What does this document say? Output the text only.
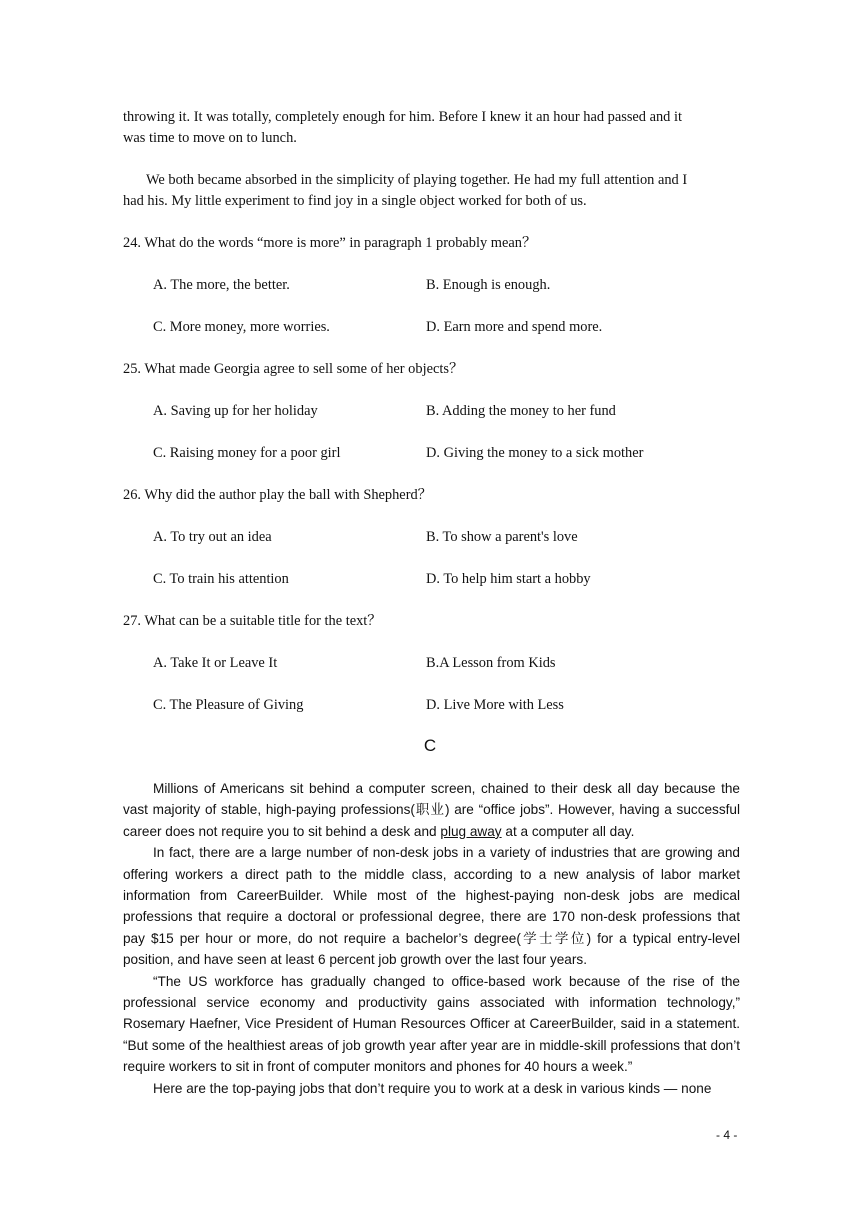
throwing it. It was totally, completely enough for him. Before I knew it an hour had passed and it
was time to move on to lunch.
We both became absorbed in the simplicity of playing together. He had my full attention and I
had his. My little experiment to find joy in a single object worked for both of us.
24. What do the words “more is more” in paragraph 1 probably mean？
A. The more, the better.	B. Enough is enough.
C. More money, more worries.	D. Earn more and spend more.
25. What made Georgia agree to sell some of her objects？
A. Saving up for her holiday	B. Adding the money to her fund
C. Raising money for a poor girl	D. Giving the money to a sick mother
26. Why did the author play the ball with Shepherd？
A. To try out an idea	B. To show a parent's love
C. To train his attention	D. To help him start a hobby
27. What can be a suitable title for the text？
A. Take It or Leave It	B.A Lesson from Kids
C. The Pleasure of Giving	D. Live More with Less
C

Millions of Americans sit behind a computer screen, chained to their desk all day because the vast majority of stable, high-paying professions(职业) are “office jobs”. However, having a successful career does not require you to sit behind a desk and plug away at a computer all day.

In fact, there are a large number of non-desk jobs in a variety of industries that are growing and offering workers a direct path to the middle class, according to a new analysis of labor market information from CareerBuilder. While most of the highest-paying non-desk jobs are medical professions that require a doctoral or professional degree, there are 170 non-desk professions that pay $15 per hour or more, do not require a bachelor’s degree(学士学位) for a typical entry-level position, and have seen at least 6 percent job growth over the last four years.

“The US workforce has gradually changed to office-based work because of the rise of the professional service economy and productivity gains associated with information technology,” Rosemary Haefner, Vice President of Human Resources Officer at CareerBuilder, said in a statement. “But some of the healthiest areas of job growth year after year are in middle-skill professions that don’t require workers to sit in front of computer monitors and phones for 40 hours a week.”

Here are the top-paying jobs that don’t require you to work at a desk in various kinds — none

- 4 -
